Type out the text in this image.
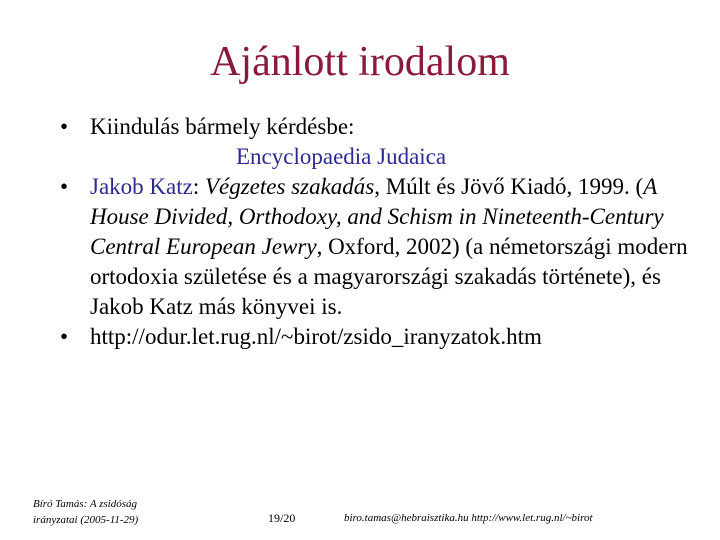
Ajánlott irodalom

• Kiindulás bármely kérdésbe:
Encyclopaedia Judaica

• Jakob Katz: Végzetes szakadás, Múlt és Jövő Kiadó, 1999. (A House Divided, Orthodoxy, and Schism in Nineteenth-Century Central European Jewry, Oxford, 2002) (a németországi modern ortodoxia születése és a magyarországi szakadás története), és Jakob Katz más könyvei is.

• http://odur.let.rug.nl/~birot/zsido_iranyzatok.htm

Bíró Tamás: A zsidóság
irányzatai (2005-11-29)	19/20	biro.tamas@hebraisztika.hu http://www.let.rug.nl/~birot
